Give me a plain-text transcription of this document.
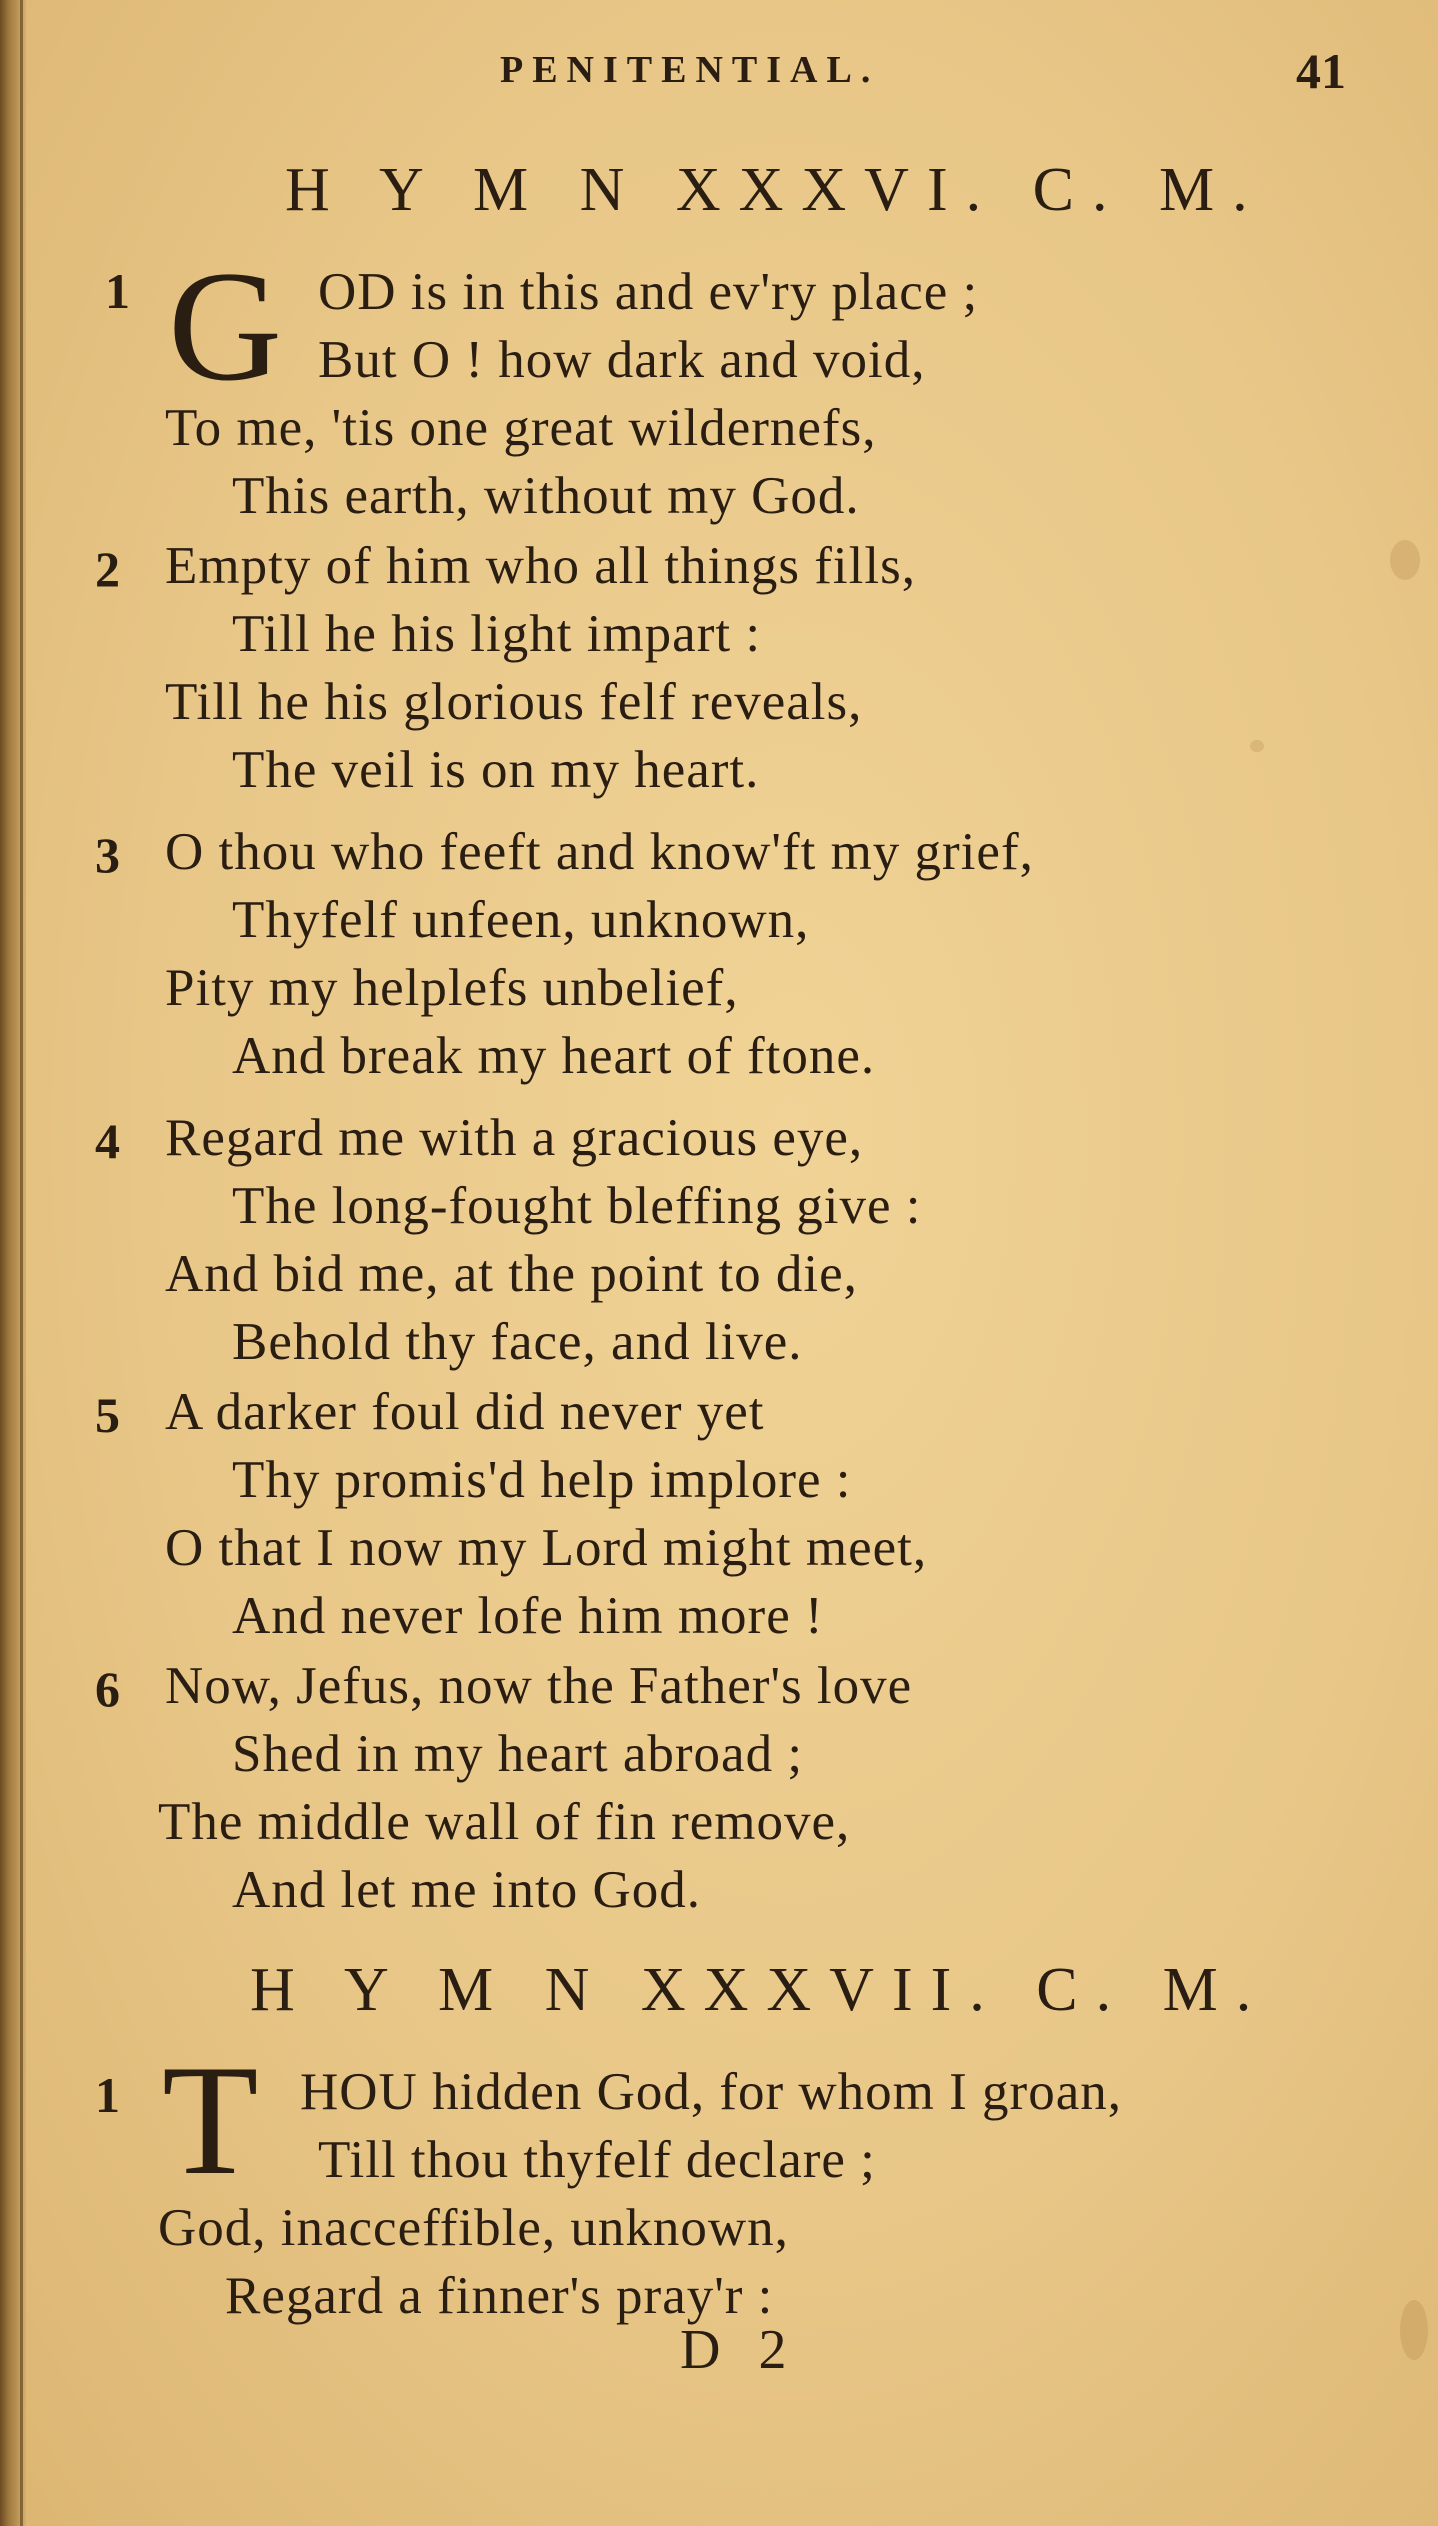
PENITENTIAL.	41
H Y M N XXXVI. C. M.
1 G OD is in this and ev'ry place ;
But O ! how dark and void,
To me, 'tis one great wildernefs,
This earth, without my God.
2 Empty of him who all things fills,
Till he his light impart :
Till he his glorious felf reveals,
The veil is on my heart.
3 O thou who feeft and know'ft my grief,
Thyfelf unfeen, unknown,
Pity my helplefs unbelief,
And break my heart of ftone.
4 Regard me with a gracious eye,
The long-fought bleffing give :
And bid me, at the point to die,
Behold thy face, and live.
5 A darker foul did never yet
Thy promis'd help implore :
O that I now my Lord might meet,
And never lofe him more !
6 Now, Jefus, now the Father's love
Shed in my heart abroad ;
The middle wall of fin remove,
And let me into God.
H Y M N XXXVII. C. M.
1 T HOU hidden God, for whom I groan,
Till thou thyfelf declare ;
God, inacceffible, unknown,
Regard a finner's pray'r :
D 2
